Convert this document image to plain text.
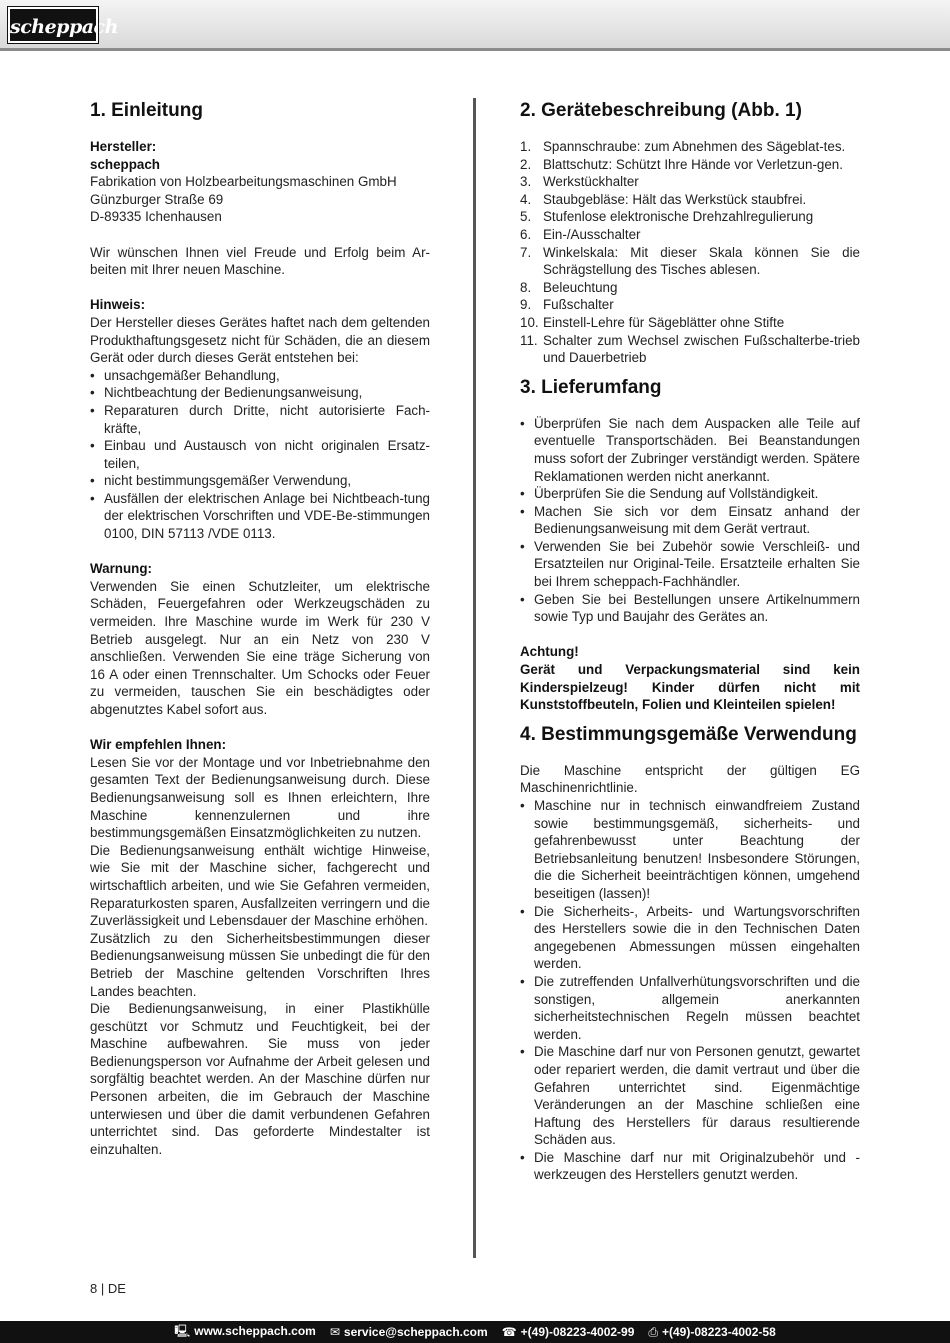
scheppach
1. Einleitung

Hersteller:

scheppach

Fabrikation von Holzbearbeitungsmaschinen GmbH

Günzburger Straße 69

D-89335 Ichenhausen

Wir wünschen Ihnen viel Freude und Erfolg beim Ar-beiten mit Ihrer neuen Maschine.

Hinweis:

Der Hersteller dieses Gerätes haftet nach dem geltenden Produkthaftungsgesetz nicht für Schäden, die an diesem Gerät oder durch dieses Gerät entstehen bei:

• unsachgemäßer Behandlung,
• Nichtbeachtung der Bedienungsanweisung,
• Reparaturen durch Dritte, nicht autorisierte Fach-kräfte,
• Einbau und Austausch von nicht originalen Ersatz-teilen,
• nicht bestimmungsgemäßer Verwendung,
• Ausfällen der elektrischen Anlage bei Nichtbeach-tung der elektrischen Vorschriften und VDE-Be-stimmungen 0100, DIN 57113 /VDE 0113.

Warnung:

Verwenden Sie einen Schutzleiter, um elektrische Schäden, Feuergefahren oder Werkzeugschäden zu vermeiden. Ihre Maschine wurde im Werk für 230 V Betrieb ausgelegt. Nur an ein Netz von 230 V anschließen. Verwenden Sie eine träge Sicherung von 16 A oder einen Trennschalter. Um Schocks oder Feuer zu vermeiden, tauschen Sie ein beschädigtes oder abgenutztes Kabel sofort aus.

Wir empfehlen Ihnen:

Lesen Sie vor der Montage und vor Inbetriebnahme den gesamten Text der Bedienungsanweisung durch. Diese Bedienungsanweisung soll es Ihnen erleichtern, Ihre Maschine kennenzulernen und ihre bestimmungsgemäßen Einsatzmöglichkeiten zu nutzen.

Die Bedienungsanweisung enthält wichtige Hinweise, wie Sie mit der Maschine sicher, fachgerecht und wirtschaftlich arbeiten, und wie Sie Gefahren vermeiden, Reparaturkosten sparen, Ausfallzeiten verringern und die Zuverlässigkeit und Lebensdauer der Maschine erhöhen.

Zusätzlich zu den Sicherheitsbestimmungen dieser Bedienungsanweisung müssen Sie unbedingt die für den Betrieb der Maschine geltenden Vorschriften Ihres Landes beachten.

Die Bedienungsanweisung, in einer Plastikhülle geschützt vor Schmutz und Feuchtigkeit, bei der Maschine aufbewahren. Sie muss von jeder Bedienungsperson vor Aufnahme der Arbeit gelesen und sorgfältig beachtet werden. An der Maschine dürfen nur Personen arbeiten, die im Gebrauch der Maschine unterwiesen und über die damit verbundenen Gefahren unterrichtet sind. Das geforderte Mindestalter ist einzuhalten.

2. Gerätebeschreibung (Abb. 1)
1. Spannschraube: zum Abnehmen des Sägeblat-tes.
2. Blattschutz: Schützt Ihre Hände vor Verletzun-gen.
3. Werkstückhalter
4. Staubgebläse: Hält das Werkstück staubfrei.
5. Stufenlose elektronische Drehzahlregulierung
6. Ein-/Ausschalter
7. Winkelskala: Mit dieser Skala können Sie die Schrägstellung des Tisches ablesen.
8. Beleuchtung
9. Fußschalter
10. Einstell-Lehre für Sägeblätter ohne Stifte
11. Schalter zum Wechsel zwischen Fußschalterbe-trieb und Dauerbetrieb
3. Lieferumfang
• Überprüfen Sie nach dem Auspacken alle Teile auf eventuelle Transportschäden. Bei Beanstandungen muss sofort der Zubringer verständigt werden. Spätere Reklamationen werden nicht anerkannt.
• Überprüfen Sie die Sendung auf Vollständigkeit.
• Machen Sie sich vor dem Einsatz anhand der Bedienungsanweisung mit dem Gerät vertraut.
• Verwenden Sie bei Zubehör sowie Verschleiß- und Ersatzteilen nur Original-Teile. Ersatzteile erhalten Sie bei Ihrem scheppach-Fachhändler.
• Geben Sie bei Bestellungen unsere Artikelnummern sowie Typ und Baujahr des Gerätes an.

Achtung!

Gerät und Verpackungsmaterial sind kein Kinderspielzeug! Kinder dürfen nicht mit Kunststoffbeuteln, Folien und Kleinteilen spielen!

4. Bestimmungsgemäße Verwendung

Die Maschine entspricht der gültigen EG Maschinenrichtlinie.

• Maschine nur in technisch einwandfreiem Zustand sowie bestimmungsgemäß, sicherheits- und gefahrenbewusst unter Beachtung der Betriebsanleitung benutzen! Insbesondere Störungen, die die Sicherheit beeinträchtigen können, umgehend beseitigen (lassen)!
• Die Sicherheits-, Arbeits- und Wartungsvorschriften des Herstellers sowie die in den Technischen Daten angegebenen Abmessungen müssen eingehalten werden.
• Die zutreffenden Unfallverhütungsvorschriften und die sonstigen, allgemein anerkannten sicherheitstechnischen Regeln müssen beachtet werden.
• Die Maschine darf nur von Personen genutzt, gewartet oder repariert werden, die damit vertraut und über die Gefahren unterrichtet sind. Eigenmächtige Veränderungen an der Maschine schließen eine Haftung des Herstellers für daraus resultierende Schäden aus.
• Die Maschine darf nur mit Originalzubehör und -werkzeugen des Herstellers genutzt werden.
8 | DE
🖳 www.scheppach.com ✉ service@scheppach.com ☎ +(49)-08223-4002-99 ⎙ +(49)-08223-4002-58
